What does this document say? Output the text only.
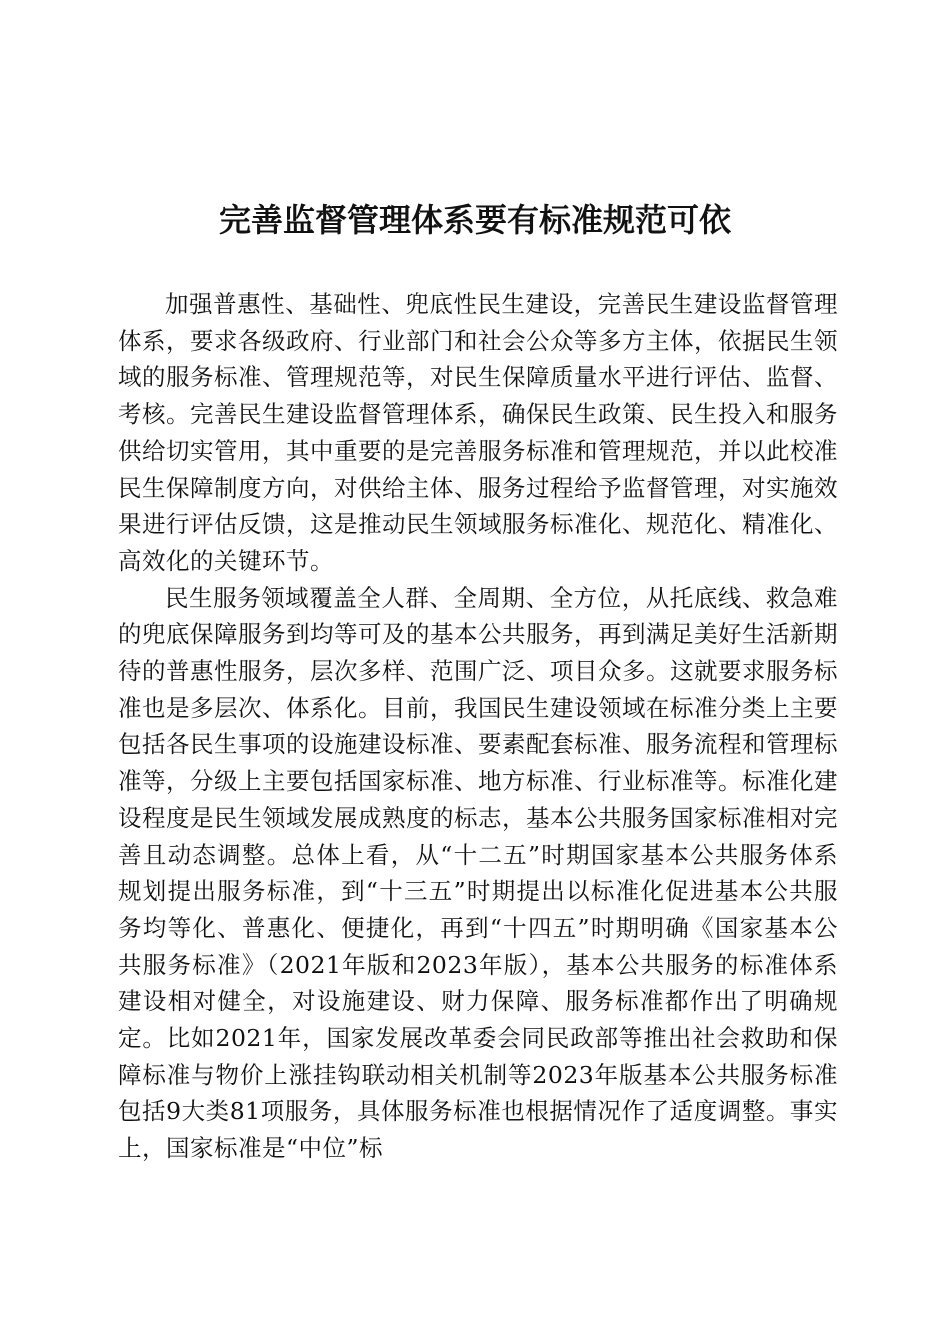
完善监督管理体系要有标准规范可依

加强普惠性、基础性、兜底性民生建设，完善民生建设监督管理体系，要求各级政府、行业部门和社会公众等多方主体，依据民生领域的服务标准、管理规范等，对民生保障质量水平进行评估、监督、考核。完善民生建设监督管理体系，确保民生政策、民生投入和服务供给切实管用，其中重要的是完善服务标准和管理规范，并以此校准民生保障制度方向，对供给主体、服务过程给予监督管理，对实施效果进行评估反馈，这是推动民生领域服务标准化、规范化、精准化、高效化的关键环节。

民生服务领域覆盖全人群、全周期、全方位，从托底线、救急难的兜底保障服务到均等可及的基本公共服务，再到满足美好生活新期待的普惠性服务，层次多样、范围广泛、项目众多。这就要求服务标准也是多层次、体系化。目前，我国民生建设领域在标准分类上主要包括各民生事项的设施建设标准、要素配套标准、服务流程和管理标准等，分级上主要包括国家标准、地方标准、行业标准等。标准化建设程度是民生领域发展成熟度的标志，基本公共服务国家标准相对完善且动态调整。总体上看，从“十二五”时期国家基本公共服务体系规划提出服务标准，到“十三五”时期提出以标准化促进基本公共服务均等化、普惠化、便捷化，再到“十四五”时期明确《国家基本公共服务标准》（2021年版和2023年版），基本公共服务的标准体系建设相对健全，对设施建设、财力保障、服务标准都作出了明确规定。比如2021年，国家发展改革委会同民政部等推出社会救助和保障标准与物价上涨挂钩联动相关机制等2023年版基本公共服务标准包括9大类81项服务，具体服务标准也根据情况作了适度调整。事实上，国家标准是“中位”标
